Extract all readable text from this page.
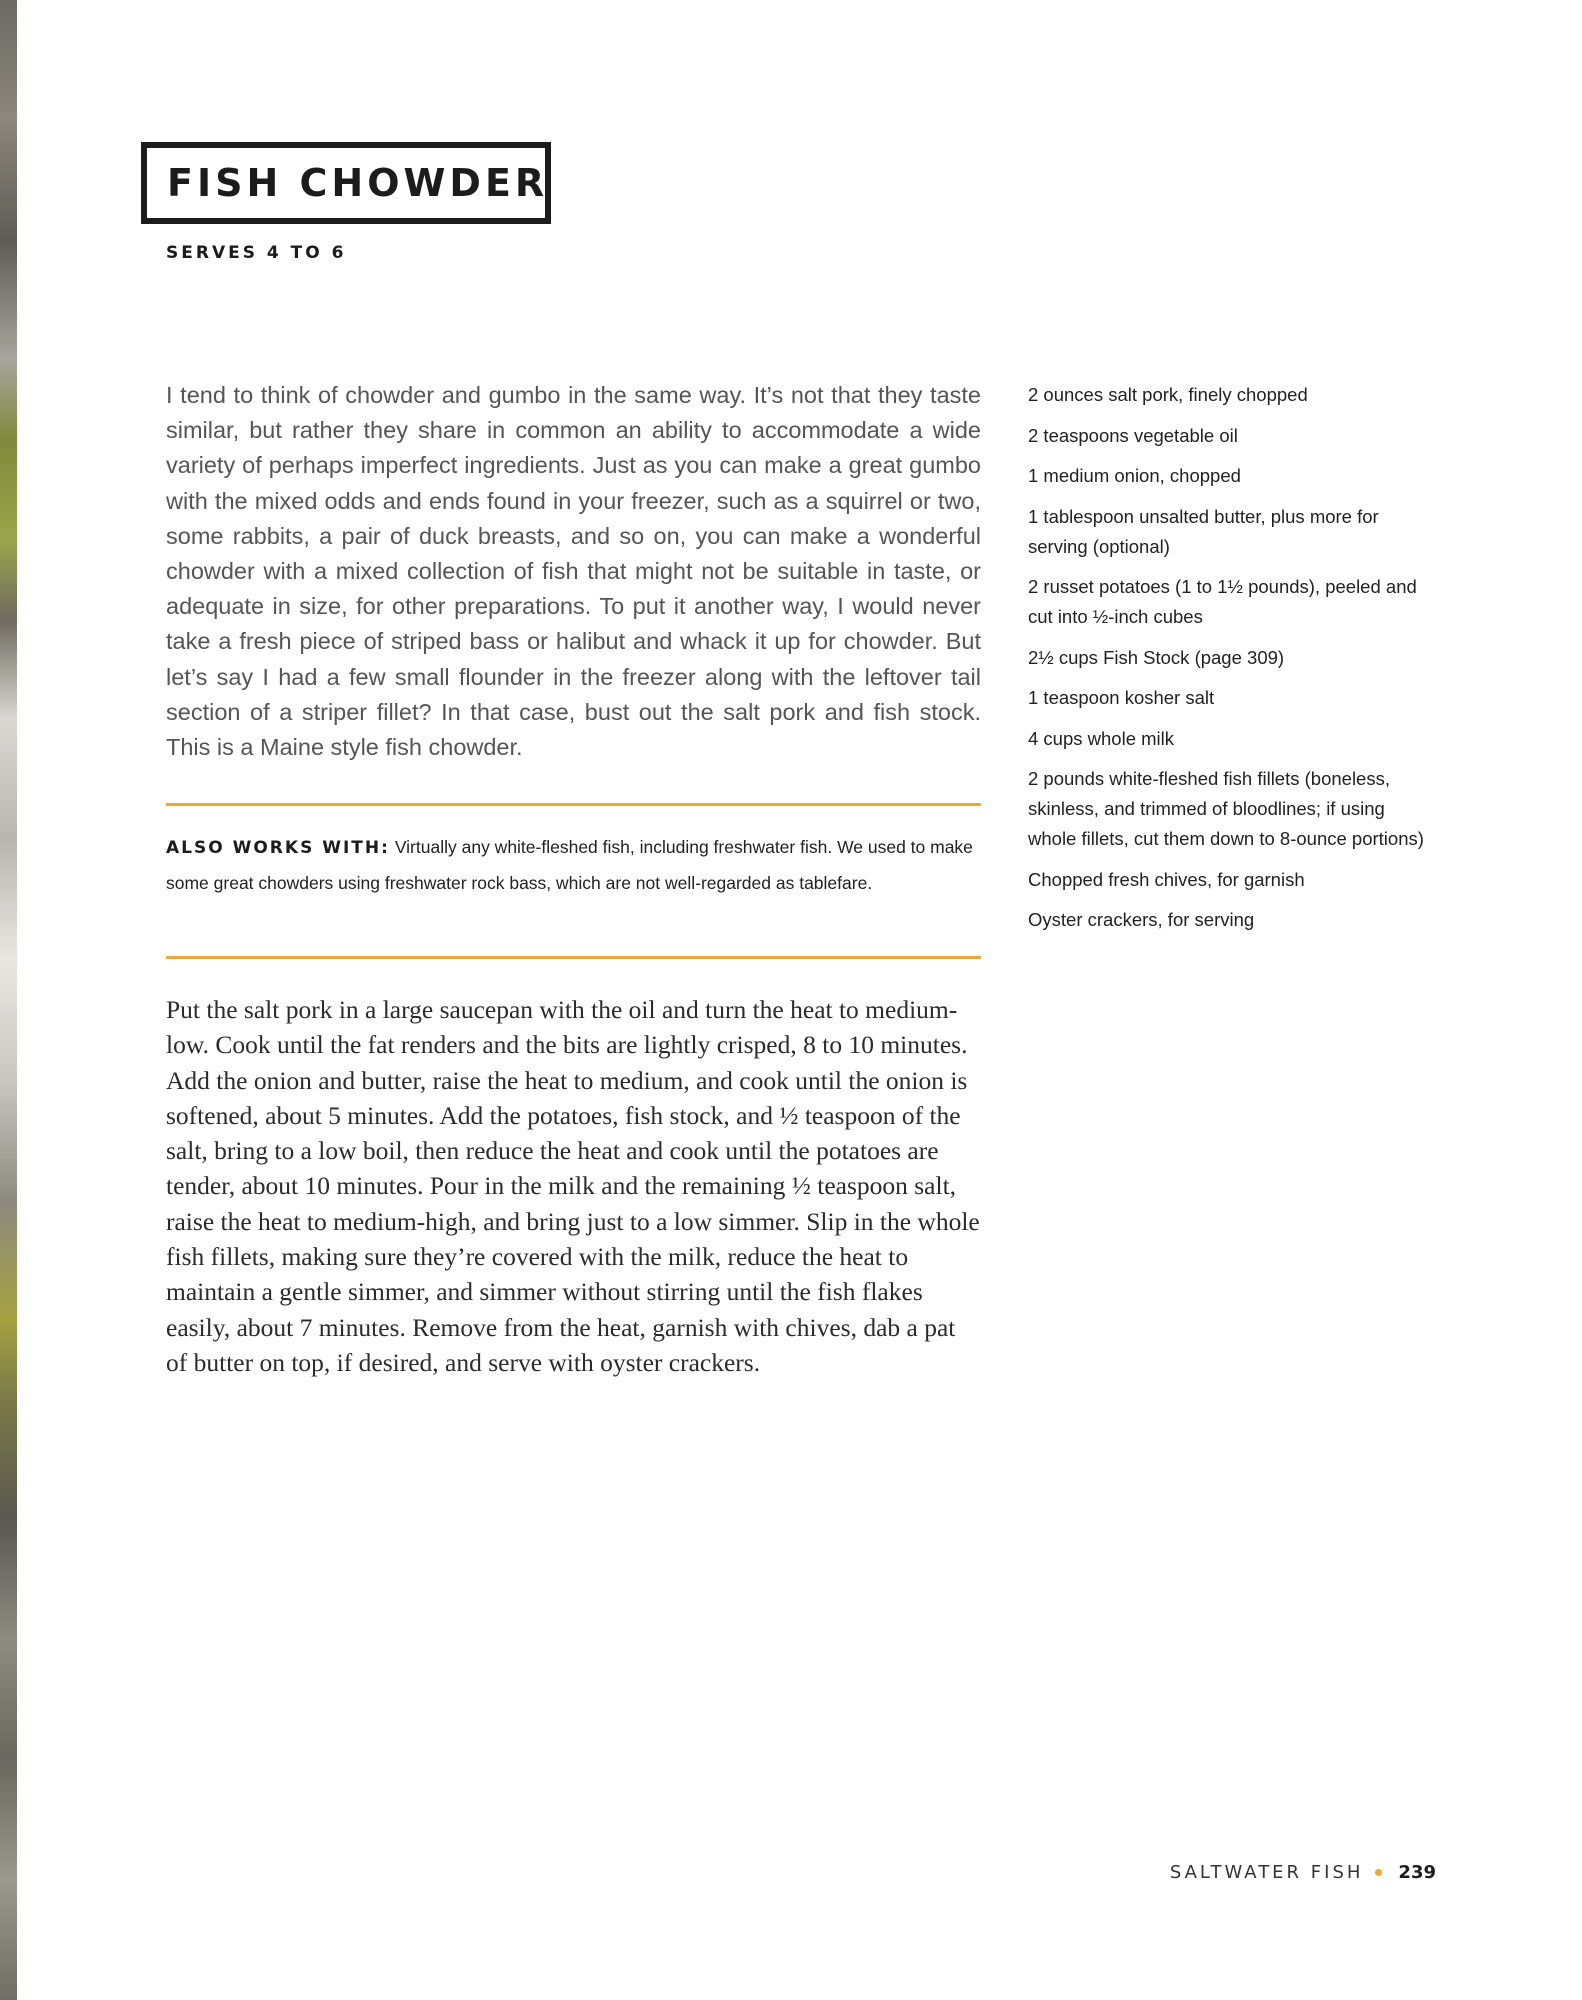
FISH CHOWDER
SERVES 4 TO 6

I tend to think of chowder and gumbo in the same way. It’s not that they taste similar, but rather they share in common an ability to accommodate a wide variety of perhaps imperfect ingredients. Just as you can make a great gumbo with the mixed odds and ends found in your freezer, such as a squirrel or two, some rabbits, a pair of duck breasts, and so on, you can make a wonderful chowder with a mixed collection of fish that might not be suitable in taste, or adequate in size, for other preparations. To put it another way, I would never take a fresh piece of striped bass or halibut and whack it up for chowder. But let’s say I had a few small flounder in the freezer along with the leftover tail section of a striper fillet? In that case, bust out the salt pork and fish stock. This is a Maine style fish chowder.

ALSO WORKS WITH: Virtually any white-fleshed fish, including freshwater fish. We used to make some great chowders using freshwater rock bass, which are not well-regarded as tablefare.

Put the salt pork in a large saucepan with the oil and turn the heat to medium-low. Cook until the fat renders and the bits are lightly crisped, 8 to 10 minutes. Add the onion and butter, raise the heat to medium, and cook until the onion is softened, about 5 minutes. Add the potatoes, fish stock, and ½ teaspoon of the salt, bring to a low boil, then reduce the heat and cook until the potatoes are tender, about 10 minutes. Pour in the milk and the remaining ½ teaspoon salt, raise the heat to medium-high, and bring just to a low simmer. Slip in the whole fish fillets, making sure they’re covered with the milk, reduce the heat to maintain a gentle simmer, and simmer without stirring until the fish flakes easily, about 7 minutes. Remove from the heat, garnish with chives, dab a pat of butter on top, if desired, and serve with oyster crackers.

2 ounces salt pork, finely chopped
2 teaspoons vegetable oil
1 medium onion, chopped
1 tablespoon unsalted butter, plus more for serving (optional)
2 russet potatoes (1 to 1½ pounds), peeled and cut into ½-inch cubes
2½ cups Fish Stock (page 309)
1 teaspoon kosher salt
4 cups whole milk
2 pounds white-fleshed fish fillets (boneless, skinless, and trimmed of bloodlines; if using whole fillets, cut them down to 8-ounce portions)
Chopped fresh chives, for garnish
Oyster crackers, for serving
SALTWATER FISH 239
